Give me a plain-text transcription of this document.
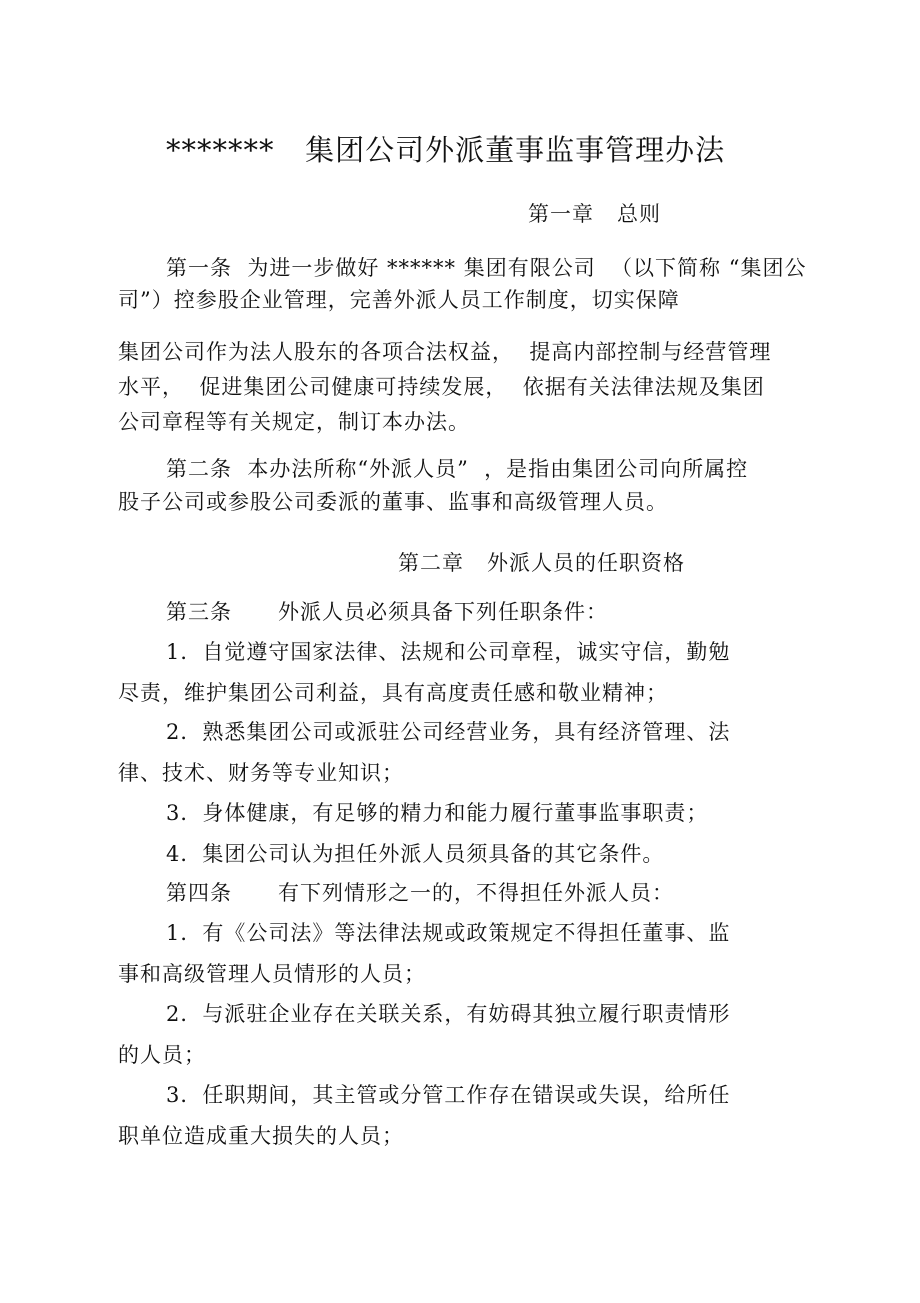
*******   集团公司外派董事监事管理办法
第一章   总则
第一条  为进一步做好 ****** 集团有限公司  （以下简称 “集团公
司”）控参股企业管理，完善外派人员工作制度，切实保障
集团公司作为法人股东的各项合法权益，  提高内部控制与经营管理
水平，  促进集团公司健康可持续发展，  依据有关法律法规及集团
公司章程等有关规定，制订本办法。
第二条  本办法所称“外派人员”  ，是指由集团公司向所属控
股子公司或参股公司委派的董事、监事和高级管理人员。
第二章   外派人员的任职资格
第三条      外派人员必须具备下列任职条件：
1．自觉遵守国家法律、法规和公司章程，诚实守信，勤勉
尽责，维护集团公司利益，具有高度责任感和敬业精神；
2．熟悉集团公司或派驻公司经营业务，具有经济管理、法
律、技术、财务等专业知识；
3．身体健康，有足够的精力和能力履行董事监事职责；
4．集团公司认为担任外派人员须具备的其它条件。
第四条      有下列情形之一的，不得担任外派人员：
1．有《公司法》等法律法规或政策规定不得担任董事、监
事和高级管理人员情形的人员；
2．与派驻企业存在关联关系，有妨碍其独立履行职责情形
的人员；
3．任职期间，其主管或分管工作存在错误或失误，给所任
职单位造成重大损失的人员；
